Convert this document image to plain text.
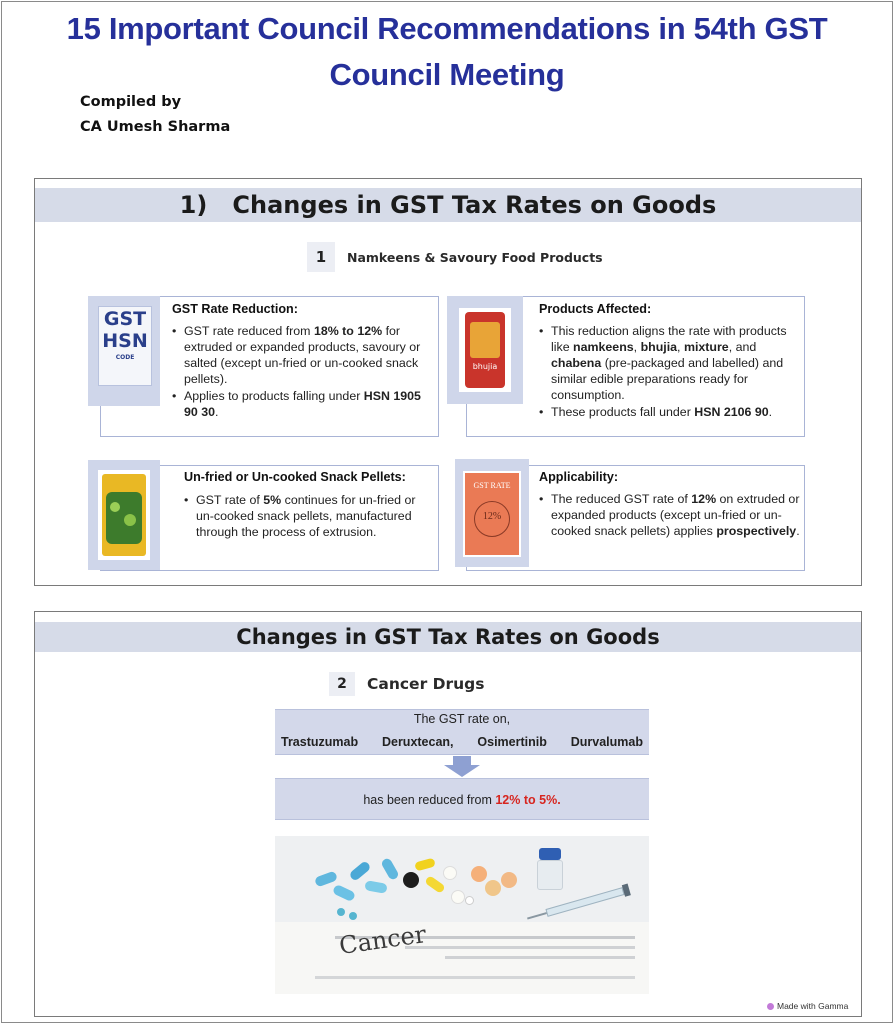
15 Important Council Recommendations in 54th GST Council Meeting
Compiled by
CA Umesh Sharma
1)   Changes in GST Tax Rates on Goods
1	Namkeens & Savoury Food Products
GST
HSN
CODE
GST Rate Reduction:
• GST rate reduced from 18% to 12% for extruded or expanded products, savoury or salted (except un-fried or un-cooked snack pellets).
• Applies to products falling under HSN 1905 90 30.
bhujia
Products Affected:
• This reduction aligns the rate with products like namkeens, bhujia, mixture, and chabena (pre-packaged and labelled) and similar edible preparations ready for consumption.
• These products fall under HSN 2106 90.
Un-fried or Un-cooked Snack Pellets:
• GST rate of 5% continues for un-fried or un-cooked snack pellets, manufactured through the process of extrusion.
GST RATE
12%
Applicability:
• The reduced GST rate of 12% on extruded or expanded products (except un-fried or un-cooked snack pellets) applies prospectively.
Changes in GST Tax Rates on Goods
2	Cancer Drugs
The GST rate on,
Trastuzumab Deruxtecan, Osimertinib Durvalumab
has been reduced from 12% to 5%.
Cancer
Made with Gamma
